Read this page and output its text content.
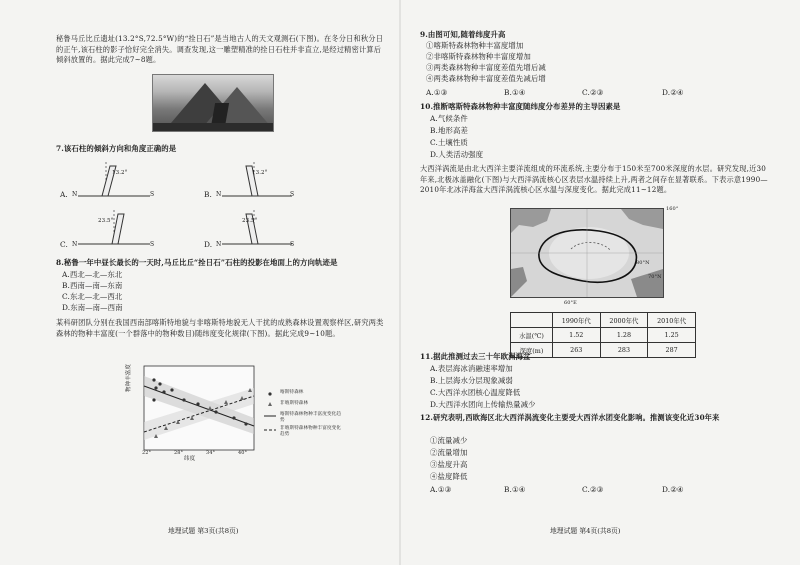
秘鲁马丘比丘遗址(13.2°S,72.5°W)的“拴日石”是当地古人的天文观测石(下图)。在冬分日和秋分日的正午,该石柱的影子恰好完全消失。调查发现,这一雕塑精准的拴日石柱并非直立,是经过精密计算后倾斜放置的。据此完成7~8题。
7.该石柱的倾斜方向和角度正确的是
A.	B.
C.	D.
N	S
13.2°
N	S
13.2°
N	S
23.5°
N	S
23.5°
8.秘鲁一年中昼长最长的一天时,马丘比丘“拴日石”石柱的投影在地面上的方向轨迹是
A.西北—北—东北
B.西南—南—东南
C.东北—北—西北
D.东南—南—西南
某科研团队分别在我国西南部喀斯特地貌与非喀斯特地貌无人干扰的成熟森林设置观察样区,研究两类森林的物种丰富度(一个群落中的物种数目)随纬度变化规律(下图)。据此完成9~10题。
物种丰富度
纬度
22°	28°	34°	40°
喀斯特森林
非喀斯特森林
喀斯特森林物种丰富度变化趋势
非喀斯特森林物种丰富度变化趋势
地理试题 第3页(共8页)
9.由图可知,随着纬度升高
①喀斯特森林物种丰富度增加
②非喀斯特森林物种丰富度增加
③两类森林物种丰富度差值先增后减
④两类森林物种丰富度差值先减后增
A.①③	B.①④	C.②③	D.②④
10.推断喀斯特森林物种丰富度随纬度分布差异的主导因素是
A.气候条件
B.地形高差
C.土壤性质
D.人类活动强度
大西洋涡流是由北大西洋主要洋流组成的环流系统,主要分布于150米至700米深度的水层。研究发现,近30年来,北极冰盖融化(下图)与大西洋涡流核心区表层水温持续上升,两者之间存在显著联系。下表示意1990—2010年北冰洋海盆大西洋涡流核心区水温与深度变化。据此完成11~12题。
160°
60°E
70°N
80°N
	1990年代	2000年代	2010年代
水温(℃)	1.52	1.28	1.25
深度(m)	263	283	287
11.据此推测过去三十年欧洲海盆
A.表层海冰消融速率增加
B.上层海水分层现象减弱
C.大西洋水团核心温度降低
D.大西洋水团向上传输热量减少
12.研究表明,西欧海区北大西洋涡流变化主要受大西洋水团变化影响。推测该变化近30年来
①流量减少
②流量增加
③盐度升高
④盐度降低
A.①③	B.①④	C.②③	D.②④
地理试题 第4页(共8页)
